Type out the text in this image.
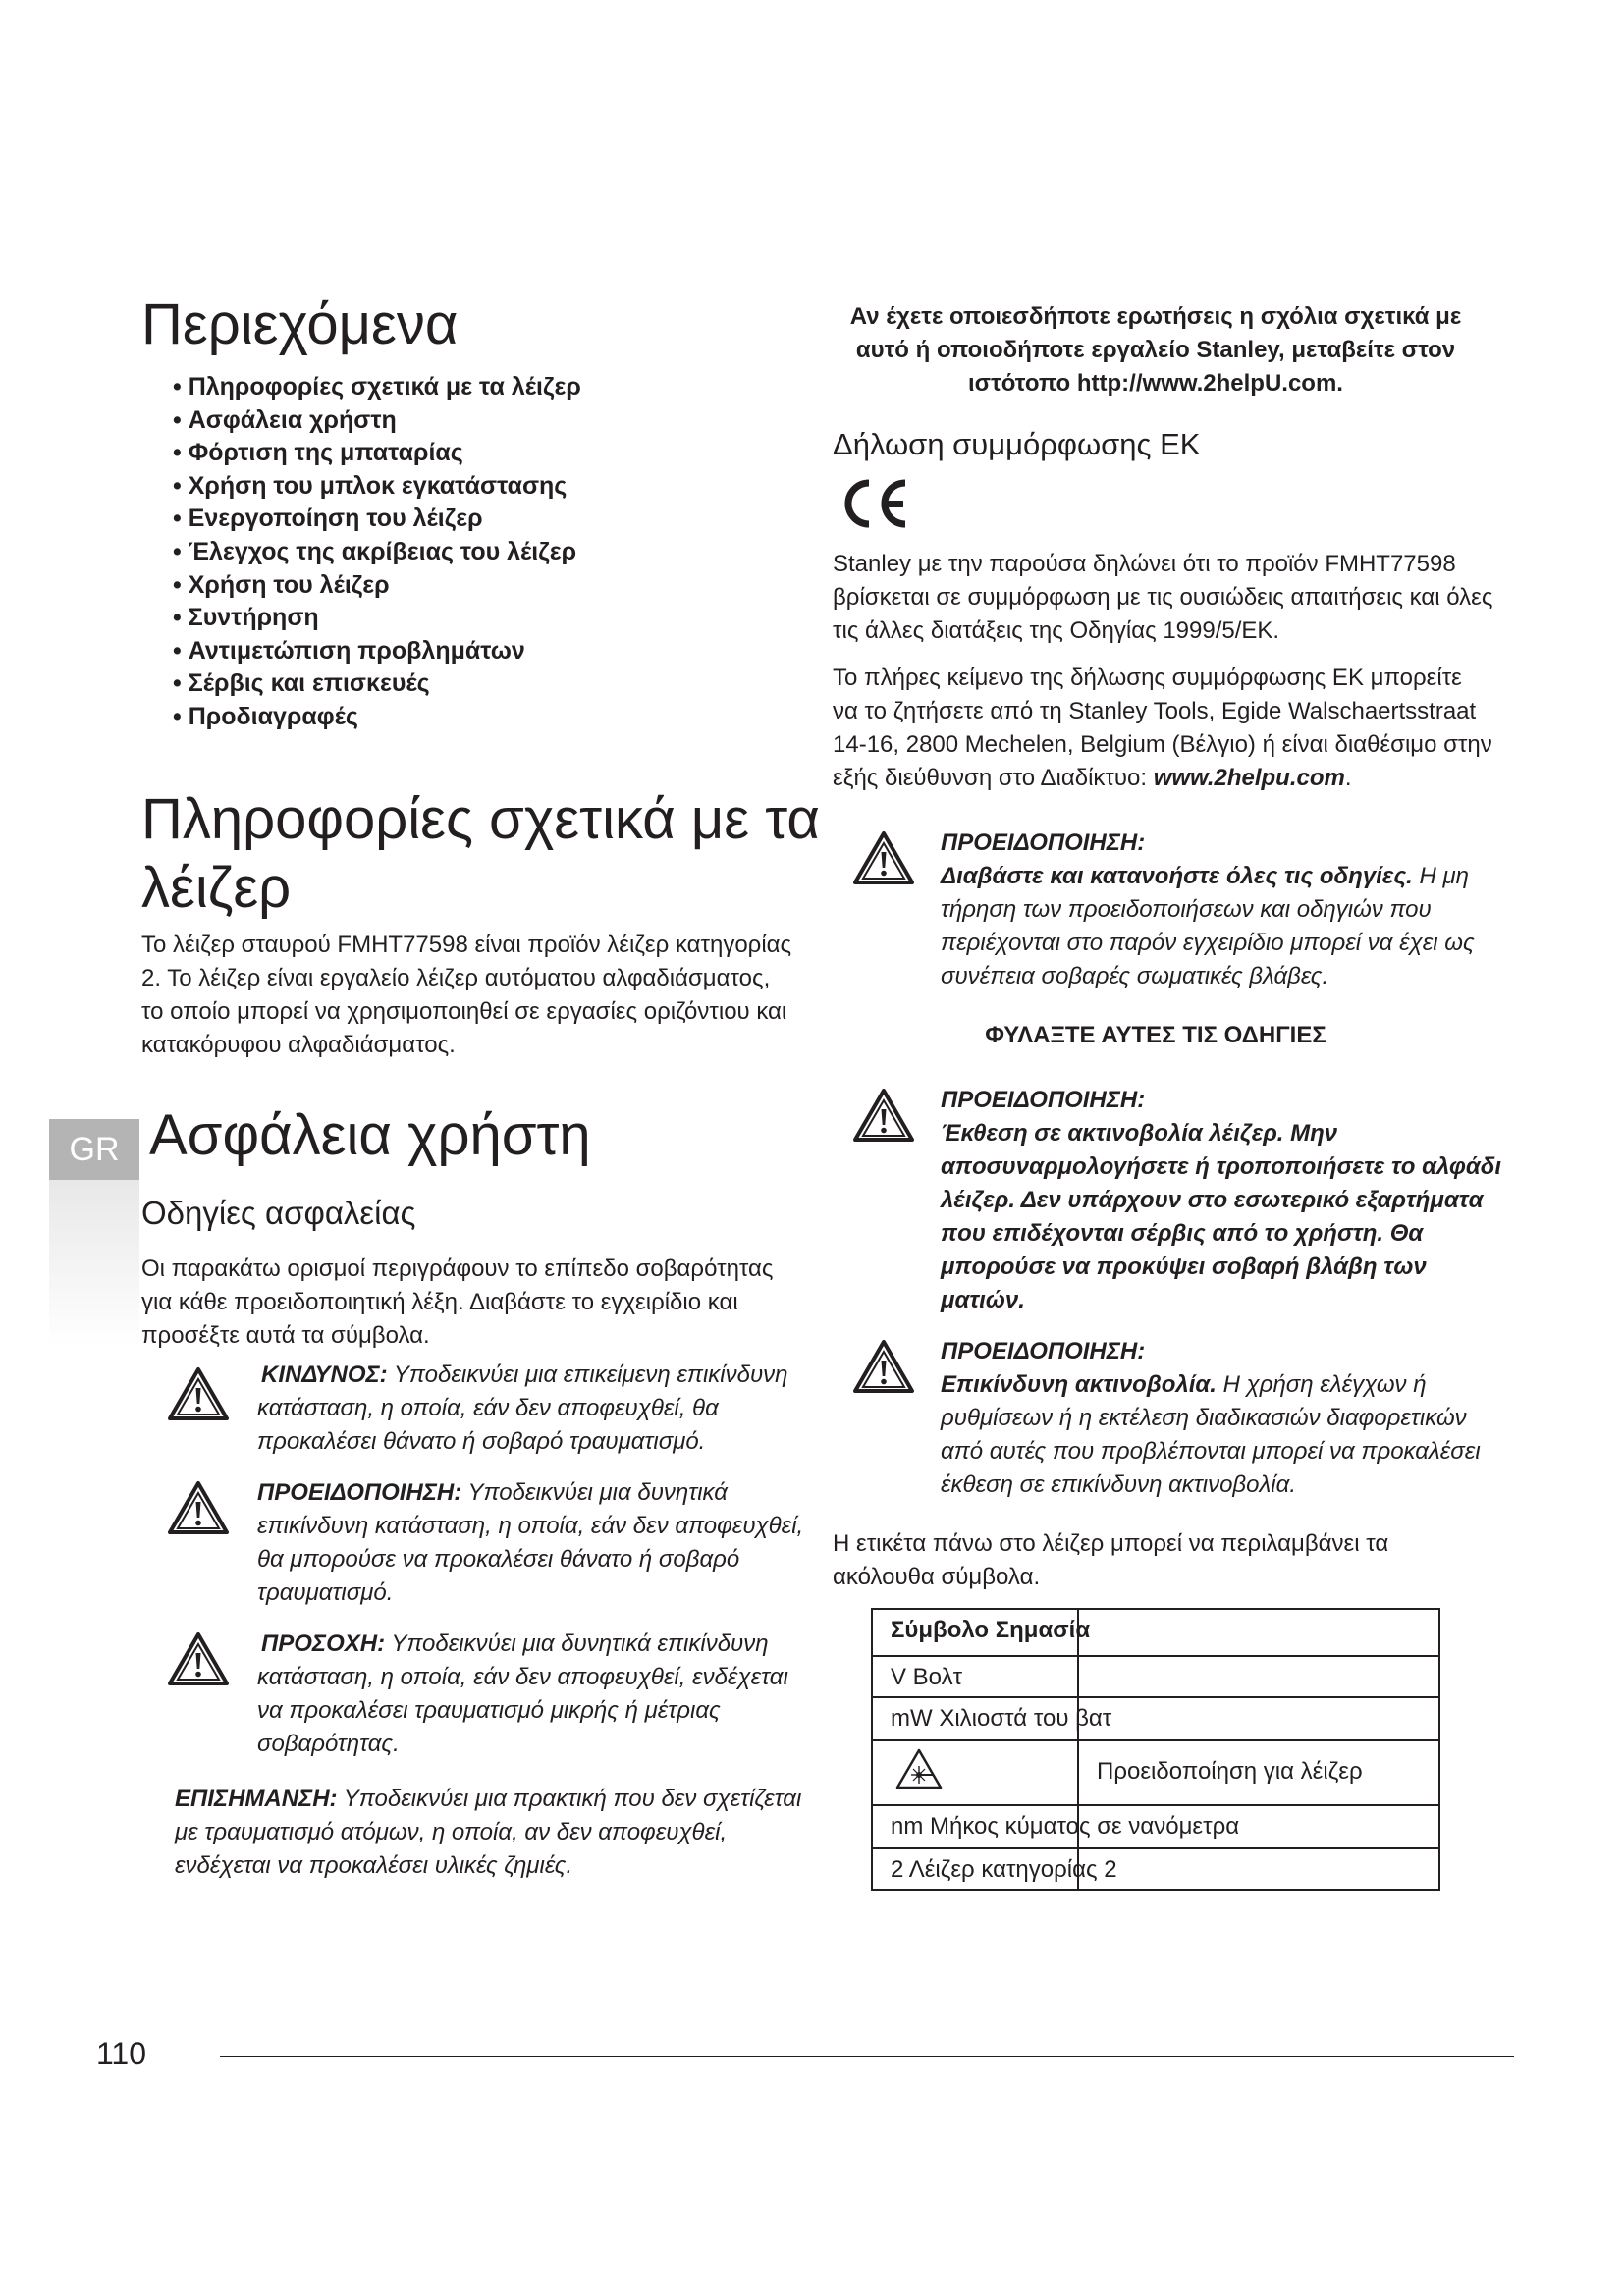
Περιεχόμενα
• Πληροφορίες σχετικά με τα λέιζερ
• Ασφάλεια χρήστη
• Φόρτιση της μπαταρίας
• Χρήση του μπλοκ εγκατάστασης
• Ενεργοποίηση του λέιζερ
• Έλεγχος της ακρίβειας του λέιζερ
• Χρήση του λέιζερ
• Συντήρηση
• Αντιμετώπιση προβλημάτων
• Σέρβις και επισκευές
• Προδιαγραφές
Πληροφορίες σχετικά με τα
λέιζερ

Το λέιζερ σταυρού FMHT77598 είναι προϊόν λέιζερ κατηγορίας

2. Το λέιζερ είναι εργαλείο λέιζερ αυτόματου αλφαδιάσματος,

το οποίο μπορεί να χρησιμοποιηθεί σε εργασίες οριζόντιου και

κατακόρυφου αλφαδιάσματος.

GR Ασφάλεια χρήστη
Οδηγίες ασφαλείας

Οι παρακάτω ορισμοί περιγράφουν το επίπεδο σοβαρότητας

για κάθε προειδοποιητική λέξη. Διαβάστε το εγχειρίδιο και

προσέξτε αυτά τα σύμβολα.

ΚΙΝΔΥΝΟΣ: Υποδεικνύει μια επικείμενη επικίνδυνη

κατάσταση, η οποία, εάν δεν αποφευχθεί, θα

προκαλέσει θάνατο ή σοβαρό τραυματισμό.

ΠΡΟΕΙΔΟΠΟΙΗΣΗ: Υποδεικνύει μια δυνητικά

επικίνδυνη κατάσταση, η οποία, εάν δεν αποφευχθεί,

θα μπορούσε να προκαλέσει θάνατο ή σοβαρό

τραυματισμό.

ΠΡΟΣΟΧΗ: Υποδεικνύει μια δυνητικά επικίνδυνη

κατάσταση, η οποία, εάν δεν αποφευχθεί, ενδέχεται

να προκαλέσει τραυματισμό μικρής ή μέτριας

σοβαρότητας.

ΕΠΙΣΗΜΑΝΣΗ: Υποδεικνύει μια πρακτική που δεν σχετίζεται

με τραυματισμό ατόμων, η οποία, αν δεν αποφευχθεί,

ενδέχεται να προκαλέσει υλικές ζημιές.

Αν έχετε οποιεσδήποτε ερωτήσεις η σχόλια σχετικά με

αυτό ή οποιοδήποτε εργαλείο Stanley, μεταβείτε στον

ιστότοπο http://www.2helpU.com.

Δήλωση συμμόρφωσης ΕΚ

Stanley με την παρούσα δηλώνει ότι το προϊόν FMHT77598

βρίσκεται σε συμμόρφωση με τις ουσιώδεις απαιτήσεις και όλες

τις άλλες διατάξεις της Οδηγίας 1999/5/ΕΚ.

Το πλήρες κείμενο της δήλωσης συμμόρφωσης ΕΚ μπορείτε

να το ζητήσετε από τη Stanley Tools, Egide Walschaertsstraat

14-16, 2800 Mechelen, Belgium (Βέλγιο) ή είναι διαθέσιμο στην

εξής διεύθυνση στο Διαδίκτυο: www.2helpu.com.

ΠΡΟΕΙΔΟΠΟΙΗΣΗ:

Διαβάστε και κατανοήστε όλες τις οδηγίες. Η μη

τήρηση των προειδοποιήσεων και οδηγιών που

περιέχονται στο παρόν εγχειρίδιο μπορεί να έχει ως

συνέπεια σοβαρές σωματικές βλάβες.

ΦΥΛΑΞΤΕ ΑΥΤΕΣ ΤΙΣ ΟΔΗΓΙΕΣ

ΠΡΟΕΙΔΟΠΟΙΗΣΗ:

Έκθεση σε ακτινοβολία λέιζερ. Μην

αποσυναρμολογήσετε ή τροποποιήσετε το αλφάδι

λέιζερ. Δεν υπάρχουν στο εσωτερικό εξαρτήματα

που επιδέχονται σέρβις από το χρήστη. Θα

μπορούσε να προκύψει σοβαρή βλάβη των

ματιών.

ΠΡΟΕΙΔΟΠΟΙΗΣΗ:

Επικίνδυνη ακτινοβολία. Η χρήση ελέγχων ή

ρυθμίσεων ή η εκτέλεση διαδικασιών διαφορετικών

από αυτές που προβλέπονται μπορεί να προκαλέσει

έκθεση σε επικίνδυνη ακτινοβολία.

Η ετικέτα πάνω στο λέιζερ μπορεί να περιλαμβάνει τα

ακόλουθα σύμβολα.

Σύμβολο Σημασία
V Βολτ
mW Χιλιοστά του βατ
Προειδοποίηση για λέιζερ
nm Μήκος κύματος σε νανόμετρα
2 Λέιζερ κατηγορίας 2
110
